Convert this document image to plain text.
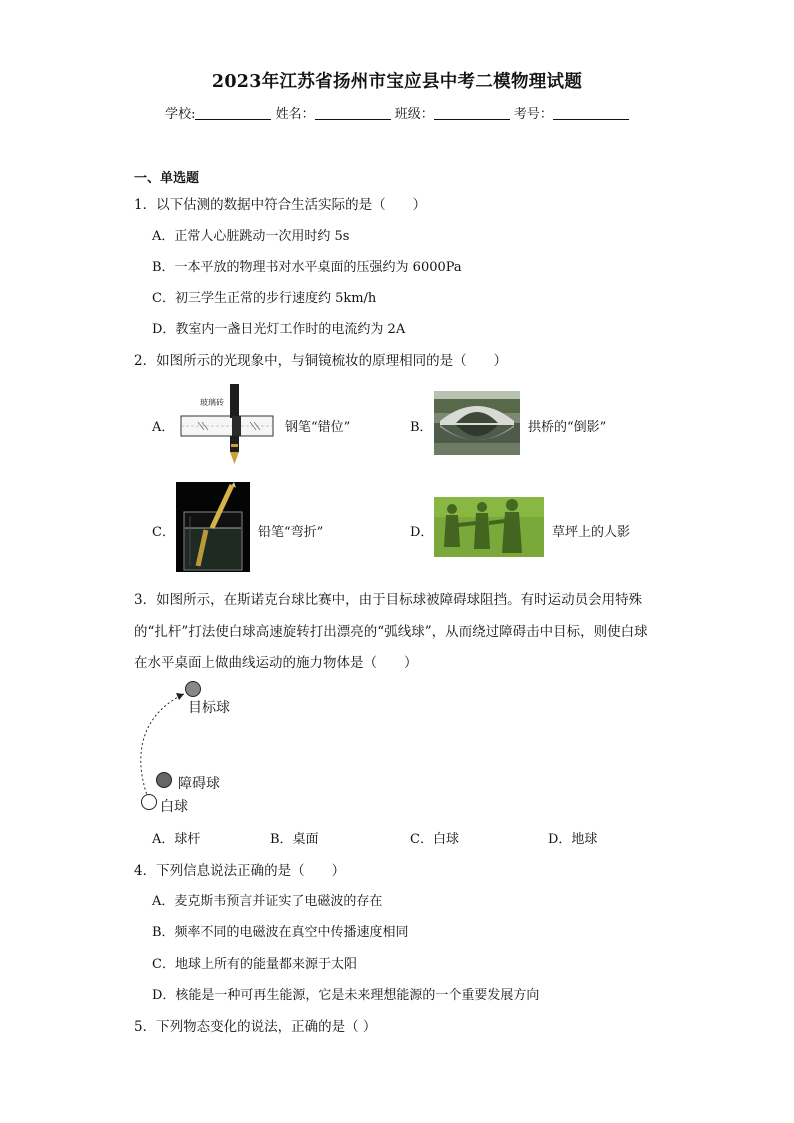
2023年江苏省扬州市宝应县中考二模物理试题
学校:	姓名：	班级：	考号：
一、单选题
1．以下估测的数据中符合生活实际的是（　　）
A．正常人心脏跳动一次用时约 5s
B．一本平放的物理书对水平桌面的压强约为 6000Pa
C．初三学生正常的步行速度约 5km/h
D．教室内一盏日光灯工作时的电流约为 2A
2．如图所示的光现象中，与铜镜梳妆的原理相同的是（　　）
A．
玻璃砖
钢笔“错位”	B．	拱桥的“倒影”
C．	铅笔“弯折”	D．	草坪上的人影
3．如图所示，在斯诺克台球比赛中，由于目标球被障碍球阻挡。有时运动员会用特殊
的“扎杆”打法使白球高速旋转打出漂亮的“弧线球”，从而绕过障碍击中目标，则使白球
在水平桌面上做曲线运动的施力物体是（　　）
目标球
障碍球
白球
A．球杆	B．桌面	C．白球	D．地球
4．下列信息说法正确的是（　　）
A．麦克斯韦预言并证实了电磁波的存在
B．频率不同的电磁波在真空中传播速度相同
C．地球上所有的能量都来源于太阳
D．核能是一种可再生能源，它是未来理想能源的一个重要发展方向
5．下列物态变化的说法，正确的是（ ）
